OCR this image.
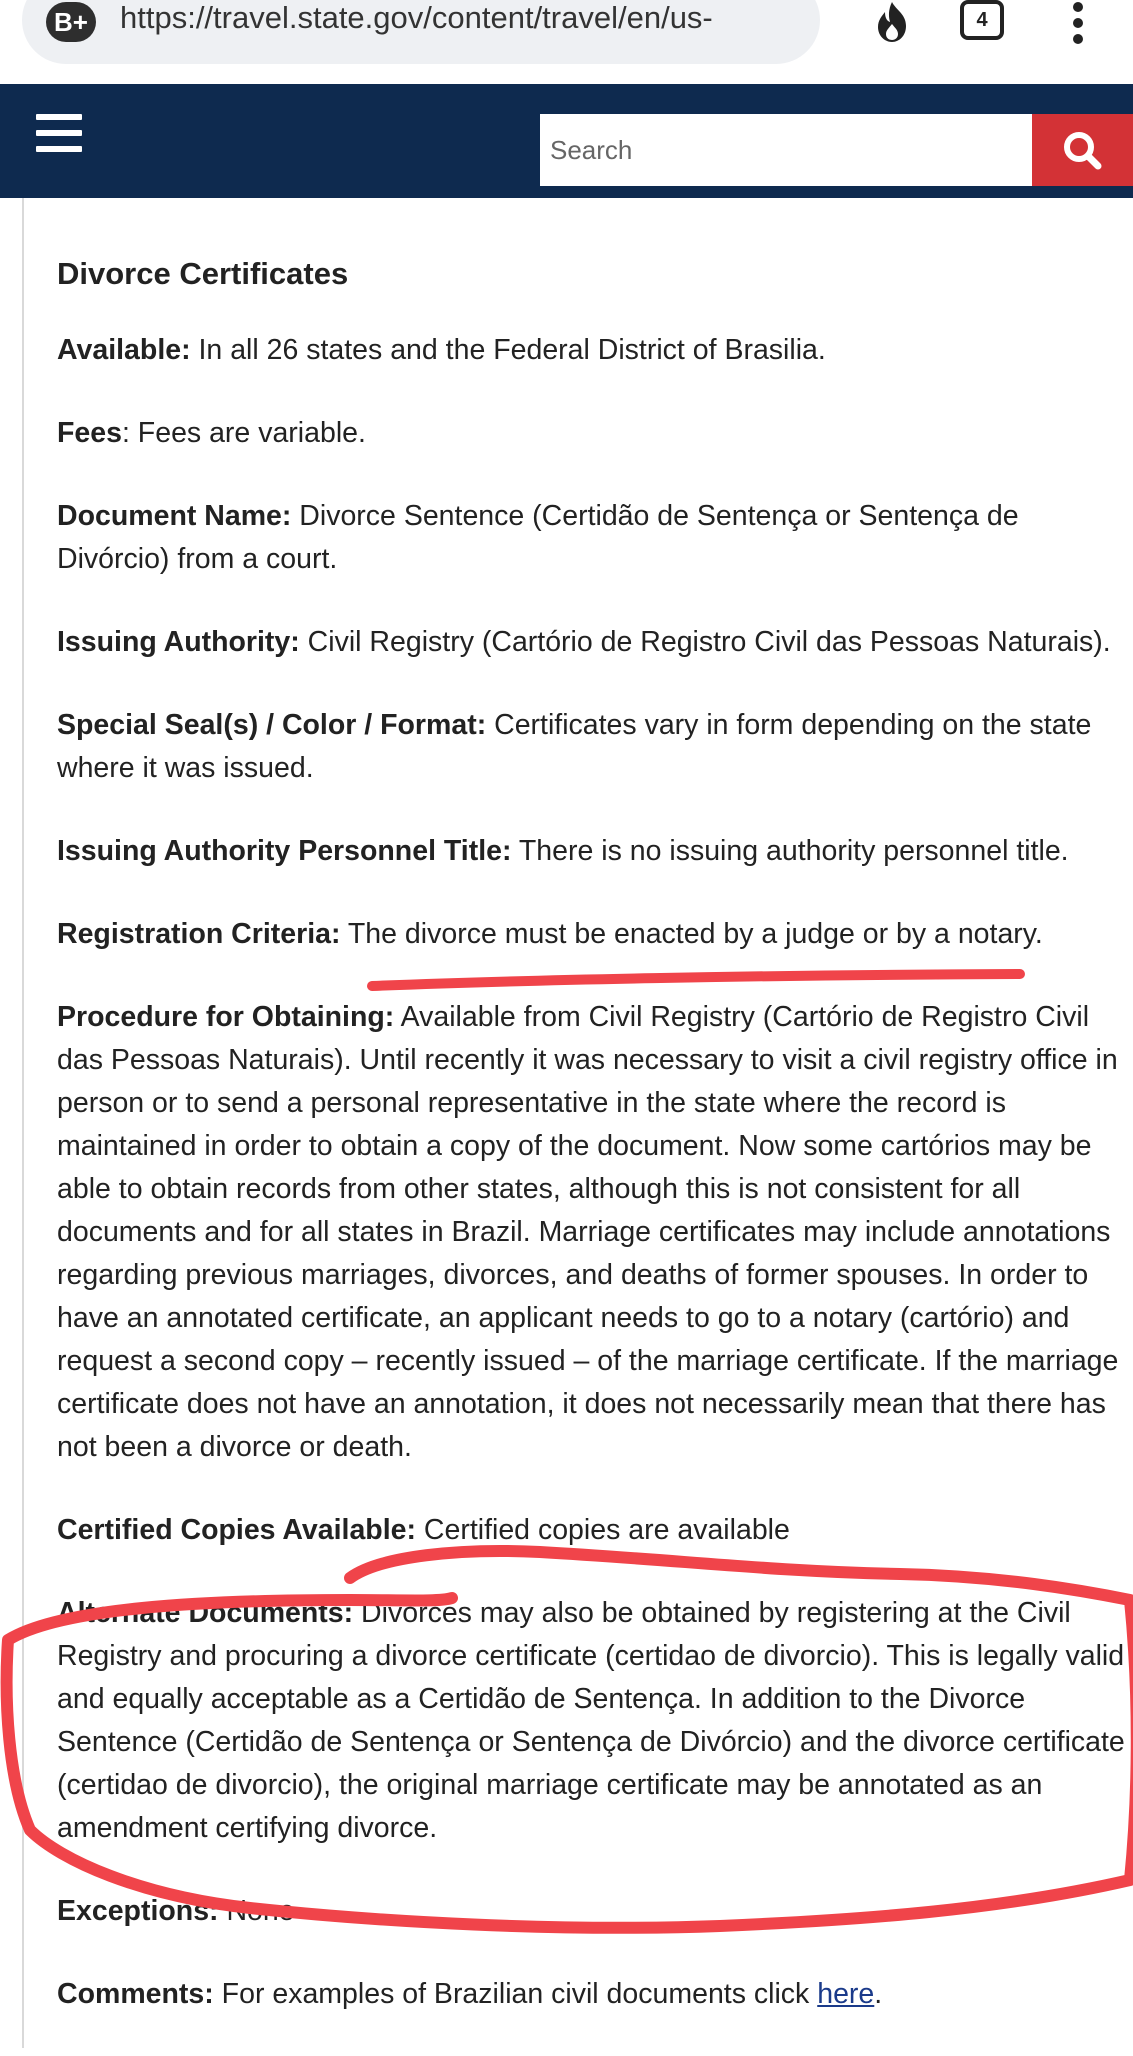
B+ https://travel.state.gov/content/travel/en/us-	4
Search
Divorce Certificates

Available: In all 26 states and the Federal District of Brasilia.

Fees: Fees are variable.

Document Name: Divorce Sentence (Certidão de Sentença or Sentença de Divórcio) from a court.

Issuing Authority: Civil Registry (Cartório de Registro Civil das Pessoas Naturais).

Special Seal(s) / Color / Format: Certificates vary in form depending on the state where it was issued.

Issuing Authority Personnel Title: There is no issuing authority personnel title.

Registration Criteria: The divorce must be enacted by a judge or by a notary.

Procedure for Obtaining: Available from Civil Registry (Cartório de Registro Civil das Pessoas Naturais). Until recently it was necessary to visit a civil registry office in person or to send a personal representative in the state where the record is maintained in order to obtain a copy of the document. Now some cartórios may be able to obtain records from other states, although this is not consistent for all documents and for all states in Brazil. Marriage certificates may include annotations regarding previous marriages, divorces, and deaths of former spouses. In order to have an annotated certificate, an applicant needs to go to a notary (cartório) and request a second copy – recently issued – of the marriage certificate. If the marriage certificate does not have an annotation, it does not necessarily mean that there has not been a divorce or death.

Certified Copies Available: Certified copies are available

Alternate Documents: Divorces may also be obtained by registering at the Civil Registry and procuring a divorce certificate (certidao de divorcio). This is legally valid and equally acceptable as a Certidão de Sentença. In addition to the Divorce Sentence (Certidão de Sentença or Sentença de Divórcio) and the divorce certificate (certidao de divorcio), the original marriage certificate may be annotated as an amendment certifying divorce.

Exceptions: None

Comments: For examples of Brazilian civil documents click here.
